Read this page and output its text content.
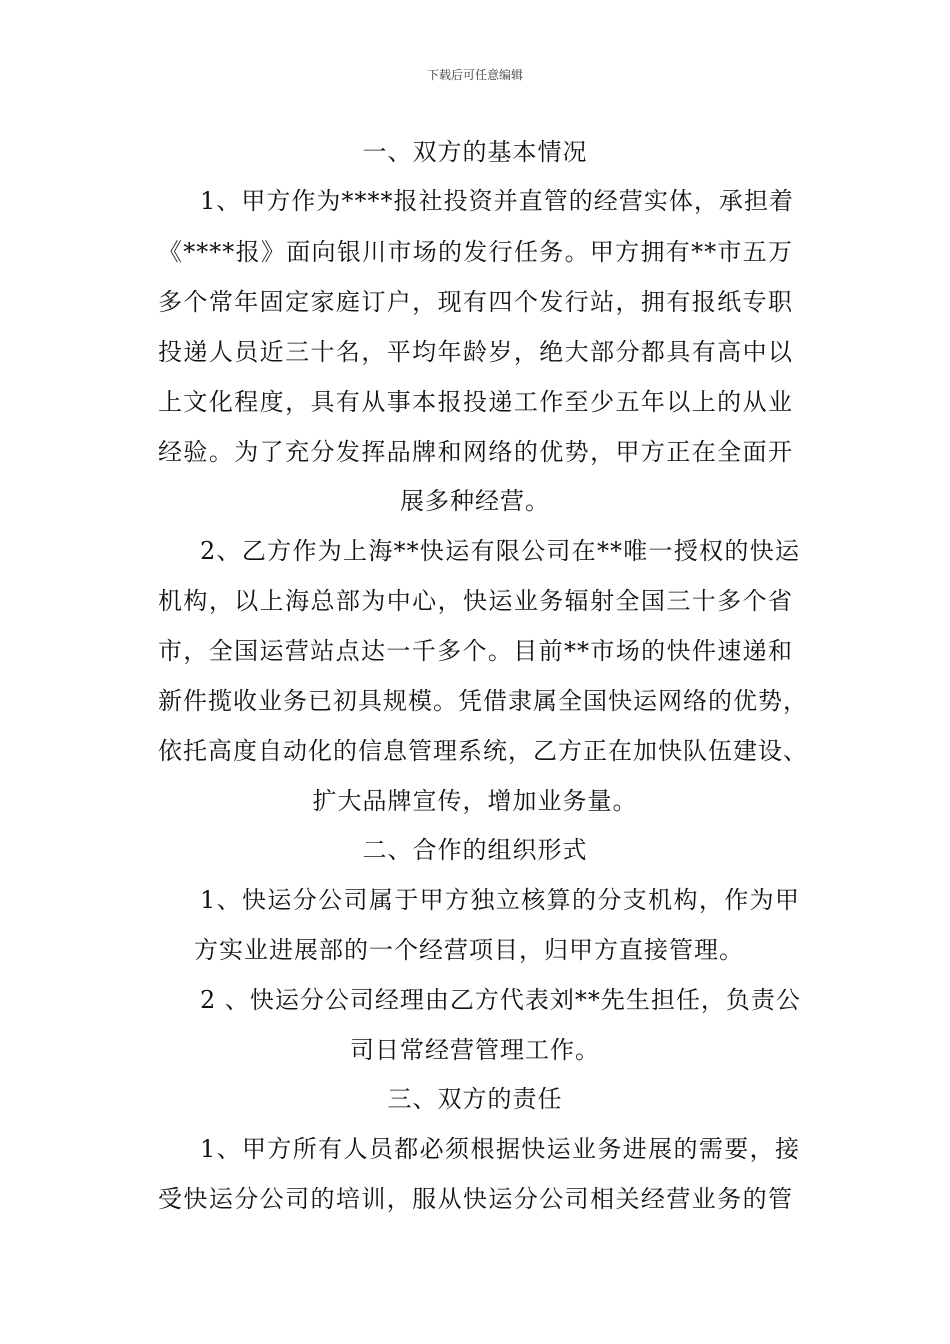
下载后可任意编辑
一、双方的基本情况
1、甲方作为****报社投资并直管的经营实体，承担着
《****报》面向银川市场的发行任务。甲方拥有**市五万
多个常年固定家庭订户，现有四个发行站，拥有报纸专职
投递人员近三十名，平均年龄岁，绝大部分都具有高中以
上文化程度，具有从事本报投递工作至少五年以上的从业
经验。为了充分发挥品牌和网络的优势，甲方正在全面开
展多种经营。
2、乙方作为上海**快运有限公司在**唯一授权的快运
机构，以上海总部为中心，快运业务辐射全国三十多个省
市，全国运营站点达一千多个。目前**市场的快件速递和
新件揽收业务已初具规模。凭借隶属全国快运网络的优势，
依托高度自动化的信息管理系统，乙方正在加快队伍建设、
扩大品牌宣传，增加业务量。
二、合作的组织形式
1、快运分公司属于甲方独立核算的分支机构，作为甲
方实业进展部的一个经营项目，归甲方直接管理。
2 、快运分公司经理由乙方代表刘**先生担任，负责公
司日常经营管理工作。
三、双方的责任
1、甲方所有人员都必须根据快运业务进展的需要，接
受快运分公司的培训，服从快运分公司相关经营业务的管
